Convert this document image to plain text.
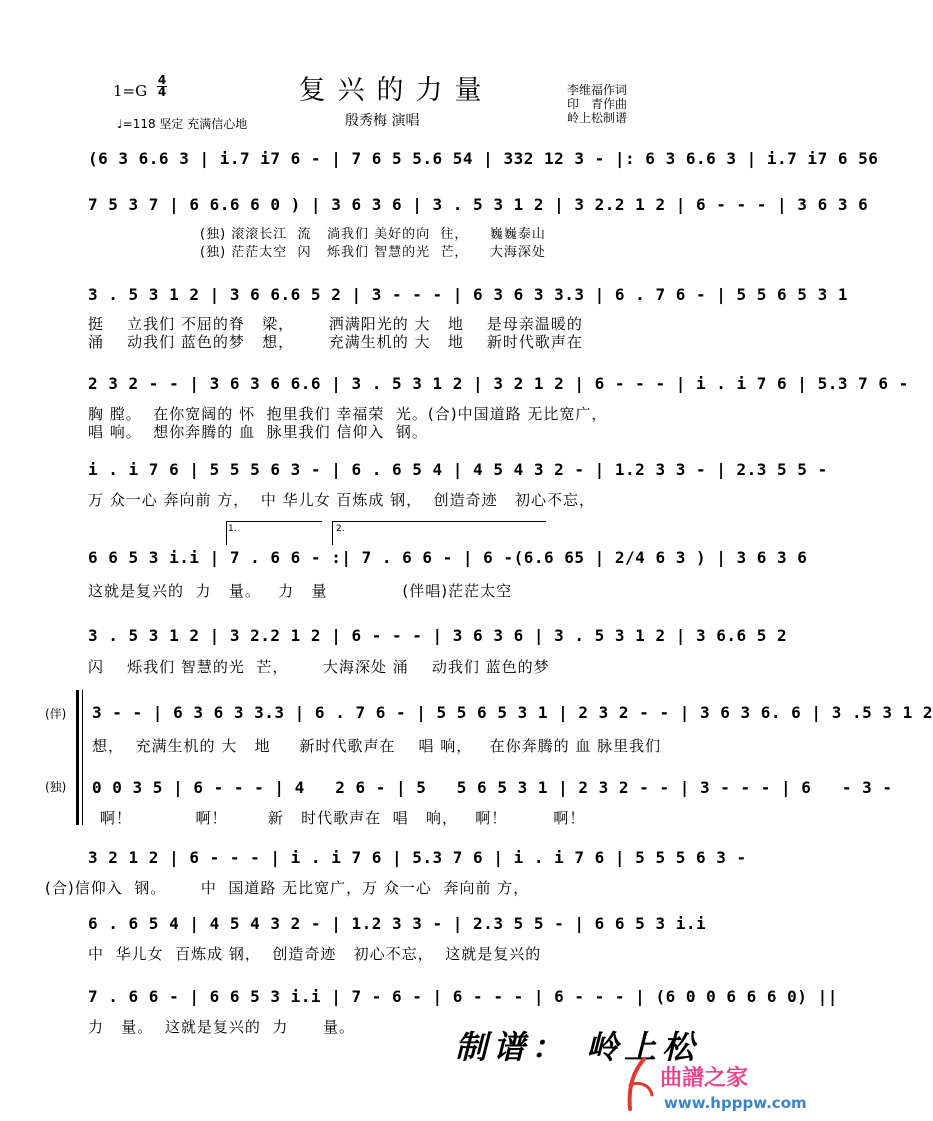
复兴的力量
1=G
4
4
♩=118 坚定 充满信心地	殷秀梅 演唱
李维福作词
印　青作曲
岭上松制谱
(6 3 6.6 3 | i.7 i7 6 - | 7 6 5 5.6 54 | 332 12 3 - |: 6 3 6.6 3 | i.7 i7 6 56
7 5 3 7 | 6 6.6 6 0 ) | 3 6 3 6 | 3 . 5 3 1 2 | 3 2.2 1 2 | 6 - - - | 3 6 3 6
　　　　　　　　(独) 滚滚长江  流   淌我们 美好的向  往，　　巍巍泰山
　　　　　　　　(独) 茫茫太空  闪   烁我们 智慧的光  芒，　　大海深处
3 . 5 3 1 2 | 3 6 6.6 5 2 | 3 - - - | 6 3 6 3 3.3 | 6 . 7 6 - | 5 5 6 5 3 1
挺    立我们 不屈的脊   梁，      洒满阳光的 大   地    是母亲温暖的
涌    动我们 蓝色的梦   想，      充满生机的 大   地    新时代歌声在
2 3 2 - - | 3 6 3 6 6.6 | 3 . 5 3 1 2 | 3 2 1 2 | 6 - - - | i . i 7 6 | 5.3 7 6 -
胸 膛。  在你宽阔的 怀  抱里我们 幸福荣  光。(合)中国道路 无比宽广，
唱 响。  想你奔腾的 血  脉里我们 信仰入  钢。
i . i 7 6 | 5 5 5 6 3 - | 6 . 6 5 4 | 4 5 4 3 2 - | 1.2 3 3 - | 2.3 5 5 -
万 众一心 奔向前 方，  中 华儿女 百炼成 钢，  创造奇迹   初心不忘，
1.	2.
6 6 5 3 i.i | 7 . 6 6 - :| 7 . 6 6 - | 6 -(6.6 65 | 2/4 6 3 ) | 3 6 3 6
这就是复兴的  力   量。   力   量             (伴唱)茫茫太空
3 . 5 3 1 2 | 3 2.2 1 2 | 6 - - - | 3 6 3 6 | 3 . 5 3 1 2 | 3 6.6 5 2
闪    烁我们 智慧的光  芒，      大海深处 涌    动我们 蓝色的梦
(伴)
(独)
3 - - | 6 3 6 3 3.3 | 6 . 7 6 - | 5 5 6 5 3 1 | 2 3 2 - - | 3 6 3 6. 6 | 3 .5 3 1 2
想，  充满生机的 大   地     新时代歌声在    唱 响，   在你奔腾的 血 脉里我们
0 0 3 5 | 6 - - - | 4   2 6 - | 5   5 6 5 3 1 | 2 3 2 - - | 3 - - - | 6   - 3 -
啊！           啊！       新   时代歌声在  唱   响，   啊！        啊！
3 2 1 2 | 6 - - - | i . i 7 6 | 5.3 7 6 | i . i 7 6 | 5 5 5 6 3 -
(合)信仰入  钢。      中  国道路 无比宽广，万 众一心  奔向前 方，
6 . 6 5 4 | 4 5 4 3 2 - | 1.2 3 3 - | 2.3 5 5 - | 6 6 5 3 i.i
中  华儿女  百炼成 钢，  创造奇迹   初心不忘，  这就是复兴的
7 . 6 6 - | 6 6 5 3 i.i | 7 - 6 - | 6 - - - | 6 - - - | (6 0 0 6 6 6 0) ||
力   量。  这就是复兴的  力      量。
制谱： 岭上松
曲譜之家
www.hpppw.com
